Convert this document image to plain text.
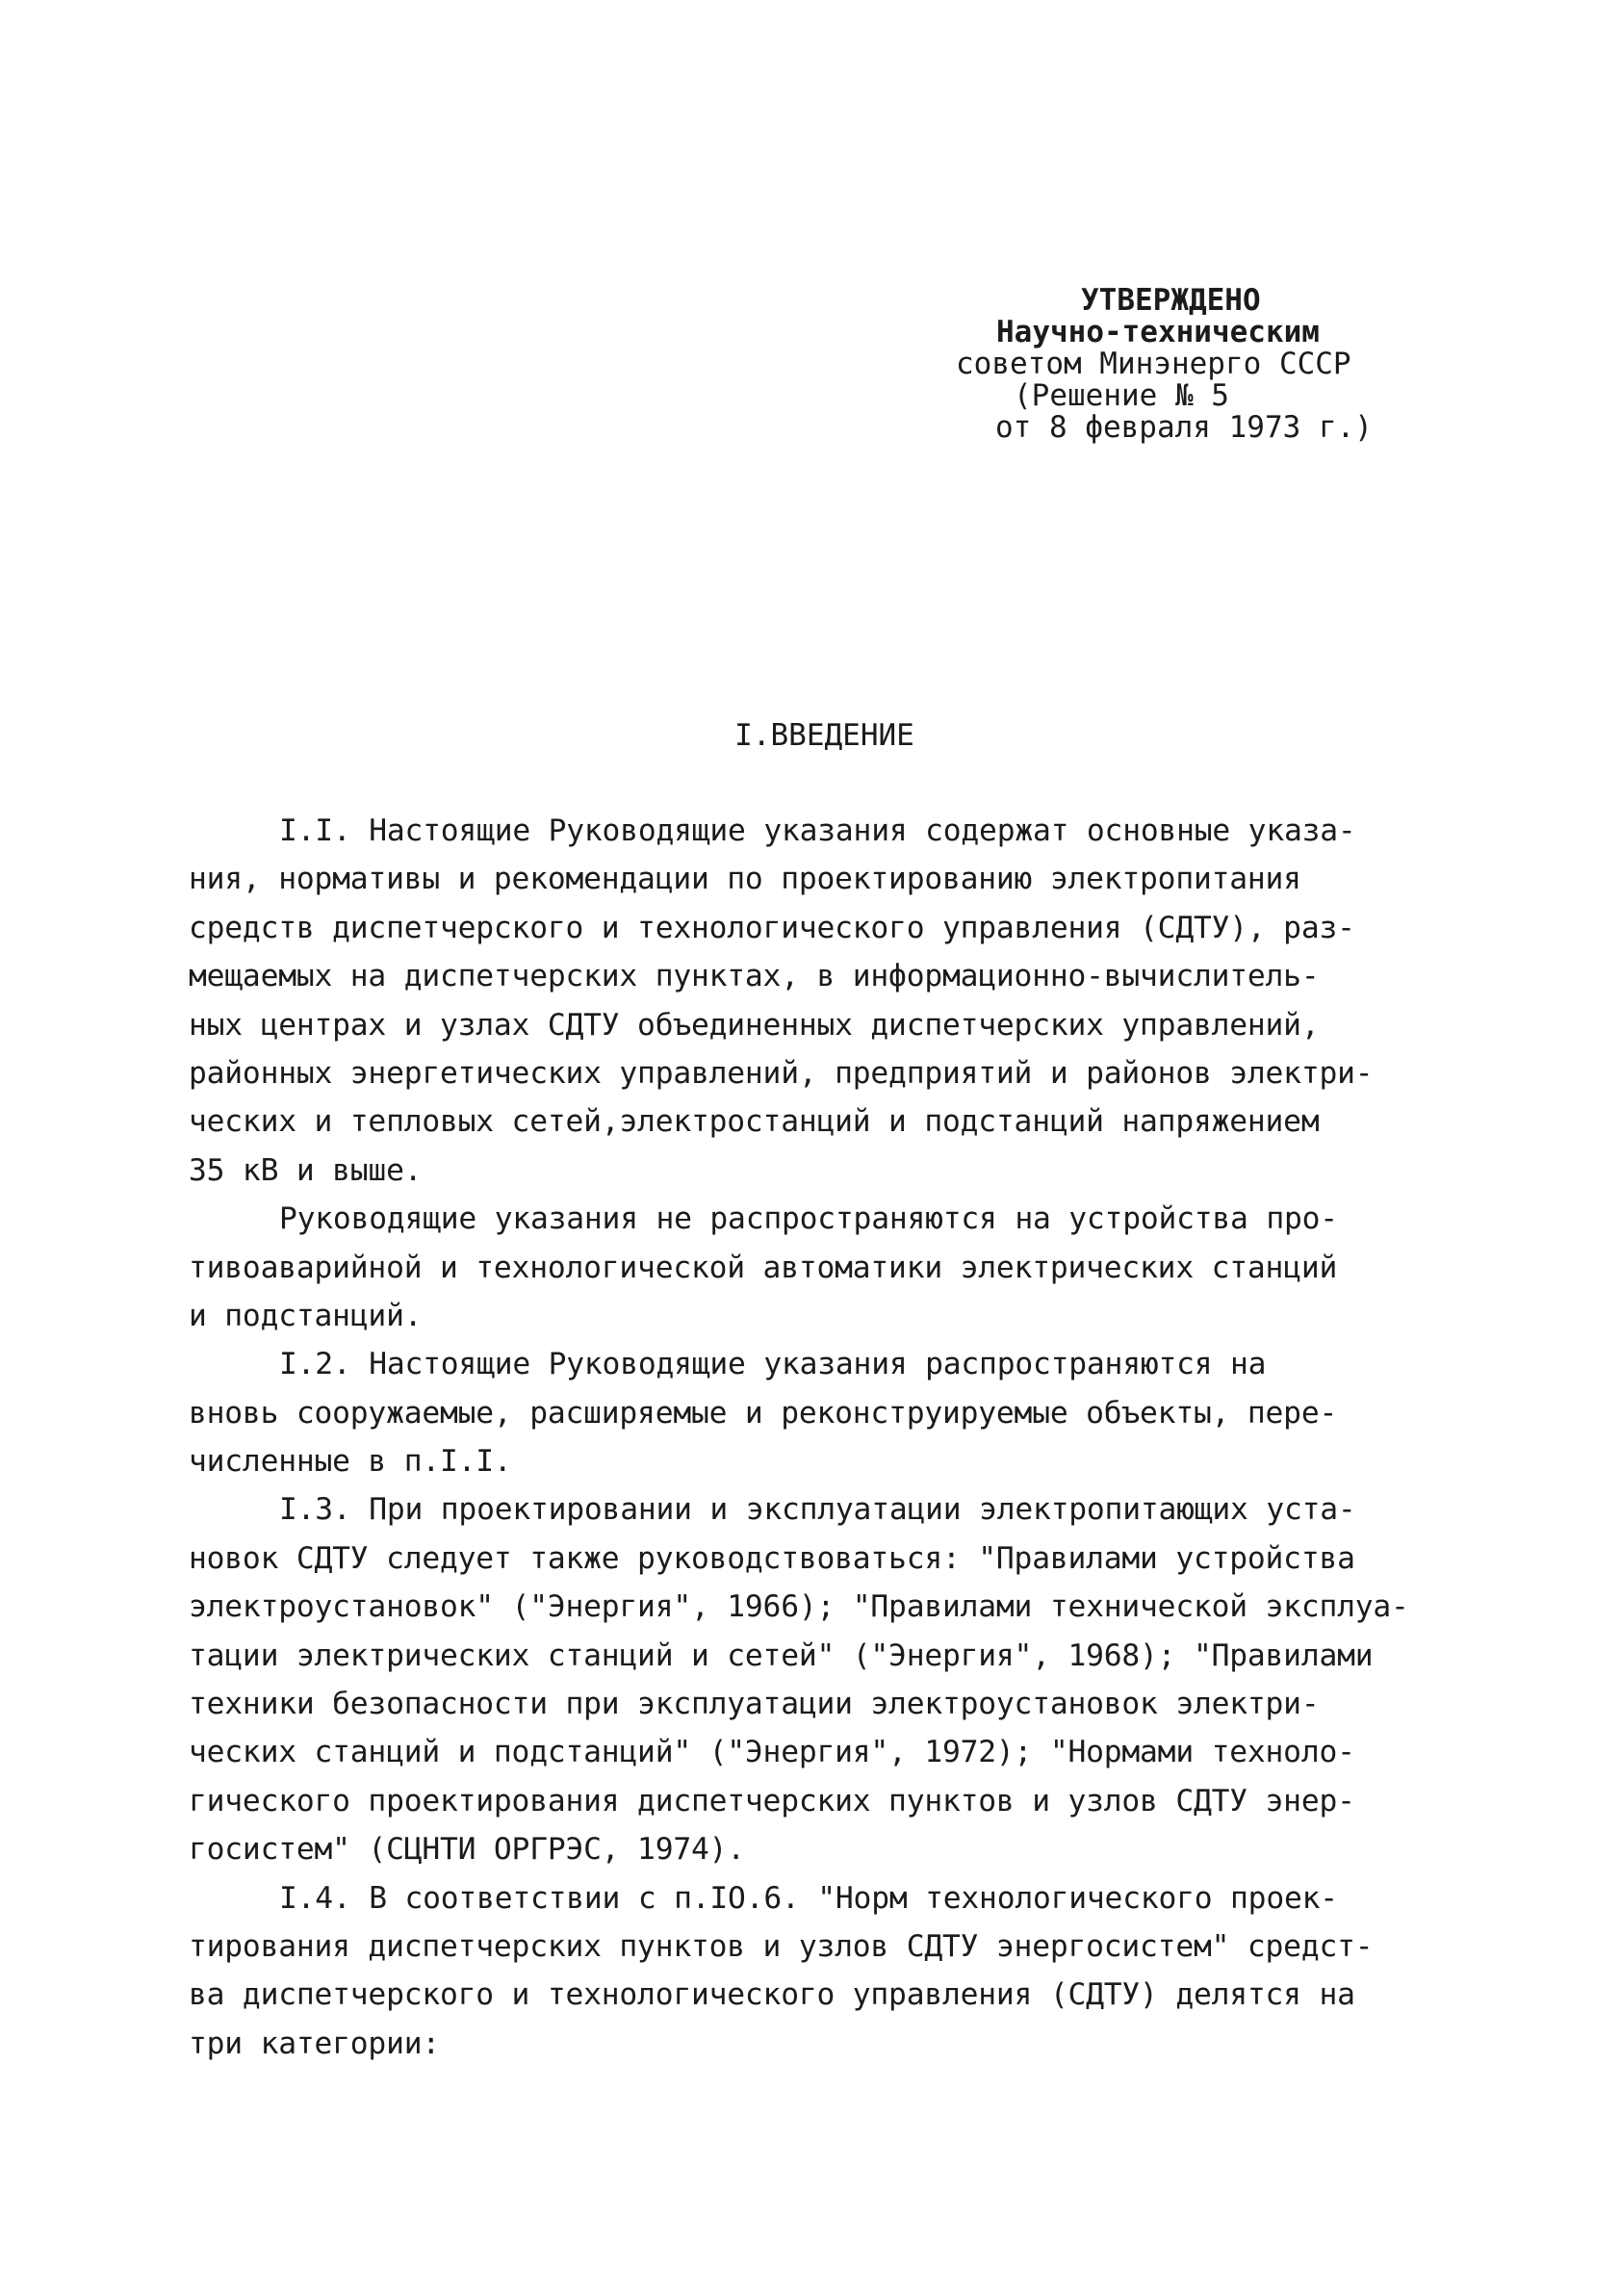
УТВЕРЖДЕНО
Научно-техническим
советом Минэнерго СССР
(Решение № 5
от 8 февраля 1973 г.)
I.ВВЕДЕНИЕ
I.I. Настоящие Руководящие указания содержат основные указа-
ния, нормативы и рекомендации по проектированию электропитания
средств диспетчерского и технологического управления (СДТУ), раз-
мещаемых на диспетчерских пунктах, в информационно-вычислитель-
ных центрах и узлах СДТУ объединенных диспетчерских управлений,
районных энергетических управлений, предприятий и районов электри-
ческих и тепловых сетей,электростанций и подстанций напряжением
35 кВ и выше.
Руководящие указания не распространяются на устройства про-
тивоаварийной и технологической автоматики электрических станций
и подстанций.
I.2. Настоящие Руководящие указания распространяются на
вновь сооружаемые, расширяемые и реконструируемые объекты, пере-
численные в п.I.I.
I.3. При проектировании и эксплуатации электропитающих уста-
новок СДТУ следует также руководствоваться: "Правилами устройства
электроустановок" ("Энергия", 1966); "Правилами технической эксплуа-
тации электрических станций и сетей" ("Энергия", 1968); "Правилами
техники безопасности при эксплуатации электроустановок электри-
ческих станций и подстанций" ("Энергия", 1972); "Нормами техноло-
гического проектирования диспетчерских пунктов и узлов СДТУ энер-
госистем" (СЦНТИ ОРГРЭС, 1974).
I.4. В соответствии с п.IO.6. "Норм технологического проек-
тирования диспетчерских пунктов и узлов СДТУ энергосистем" средст-
ва диспетчерского и технологического управления (СДТУ) делятся на
три категории:
